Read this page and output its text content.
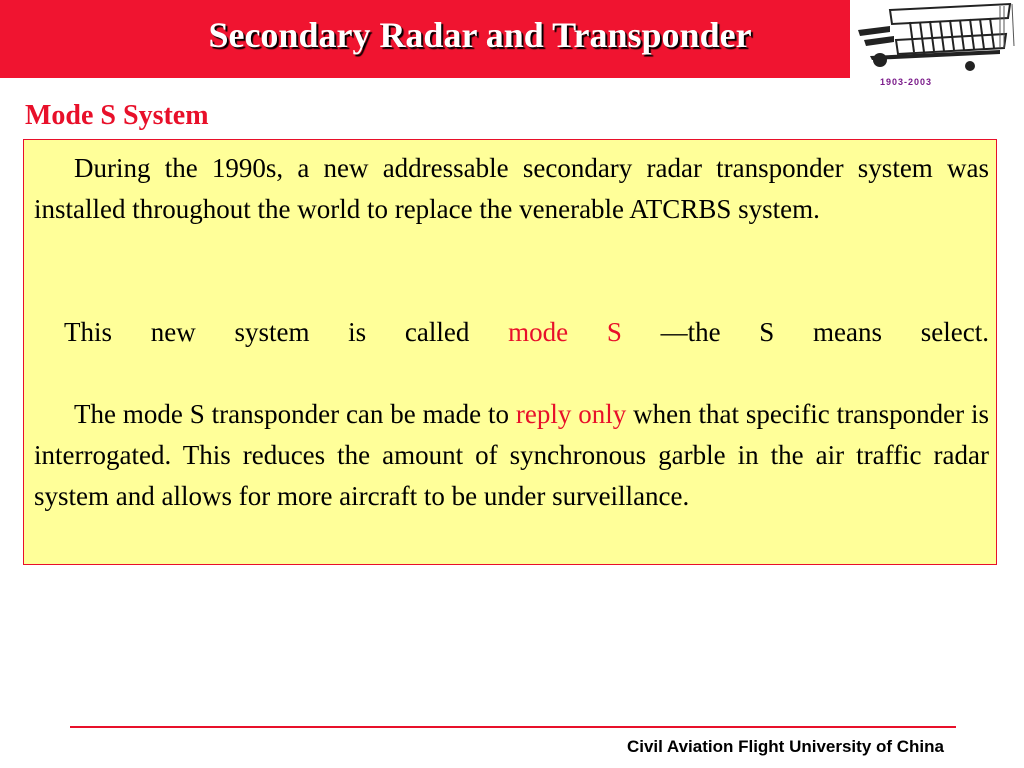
Secondary Radar and Transponder
1903-2003
Mode S System

During the 1990s, a new addressable secondary radar transponder system was installed throughout the world to replace the venerable ATCRBS system.

This new system is called mode S —the S means select.

The mode S transponder can be made to reply only when that specific transponder is interrogated. This reduces the amount of synchronous garble in the air traffic radar system and allows for more aircraft to be under surveillance.

Civil Aviation Flight University of China
